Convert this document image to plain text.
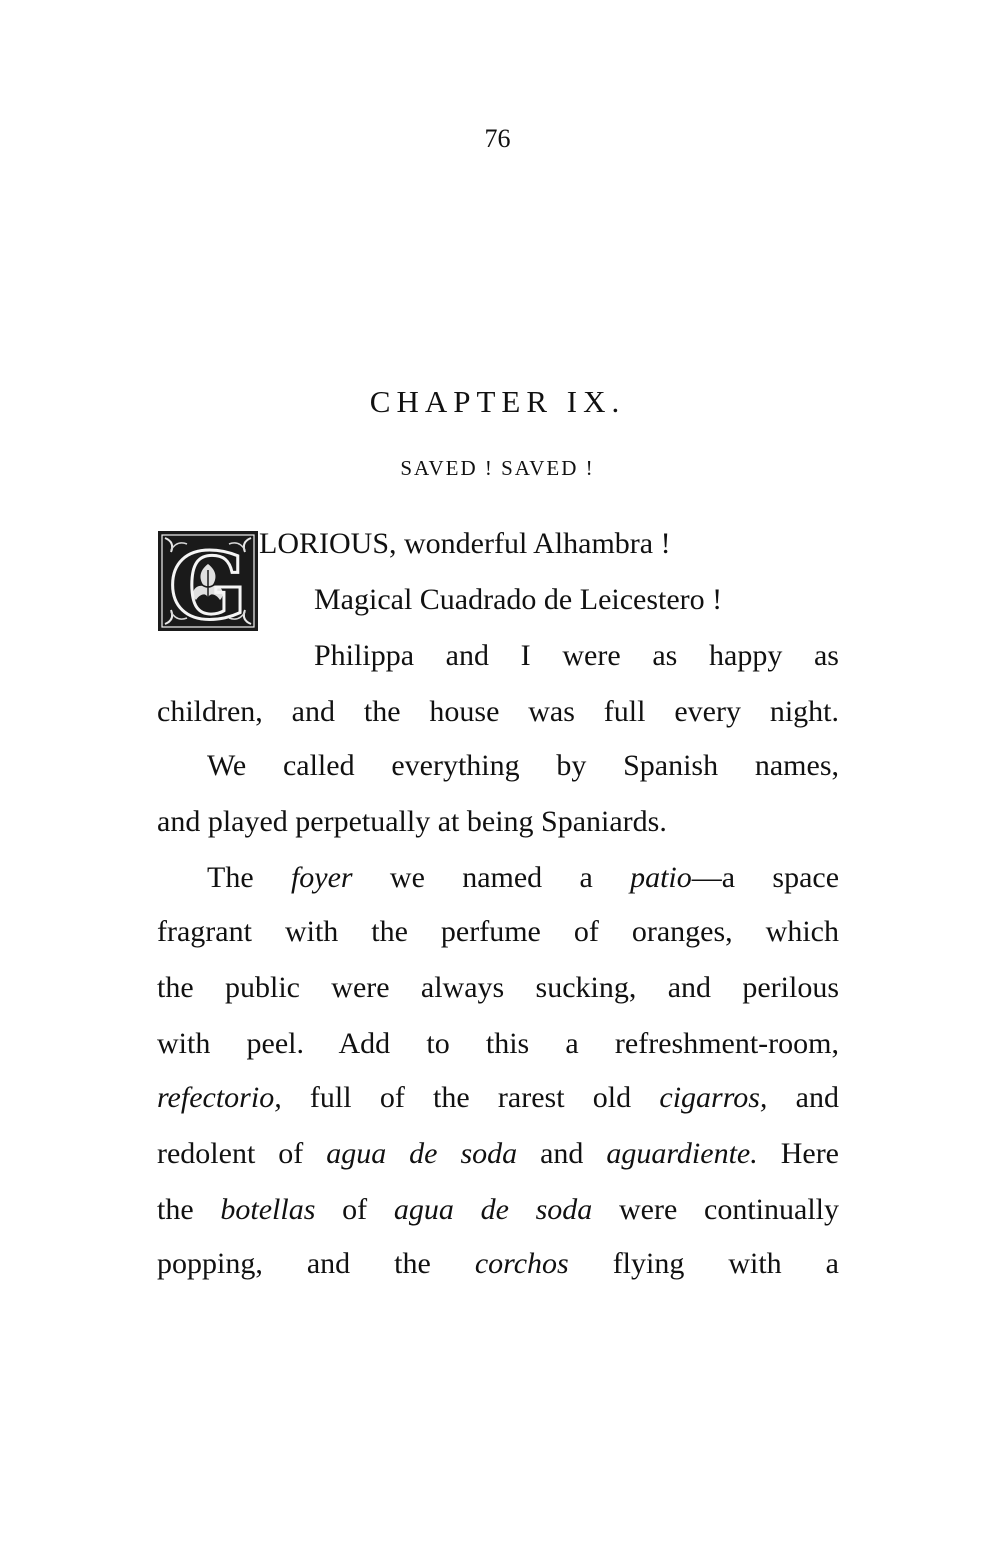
76
CHAPTER IX.
SAVED ! SAVED !
G LORIOUS, wonderful Alhambra !
Magical Cuadrado de Leicestero !
Philippa and I were as happy as
children, and the house was full every night.
We called everything by Spanish names,
and played perpetually at being Spaniards.
The foyer we named a patio—a space
fragrant with the perfume of oranges, which
the public were always sucking, and perilous
with peel. Add to this a refreshment-room,
refectorio, full of the rarest old cigarros, and
redolent of agua de soda and aguardiente. Here
the botellas of agua de soda were continually
popping, and the corchos flying with a
